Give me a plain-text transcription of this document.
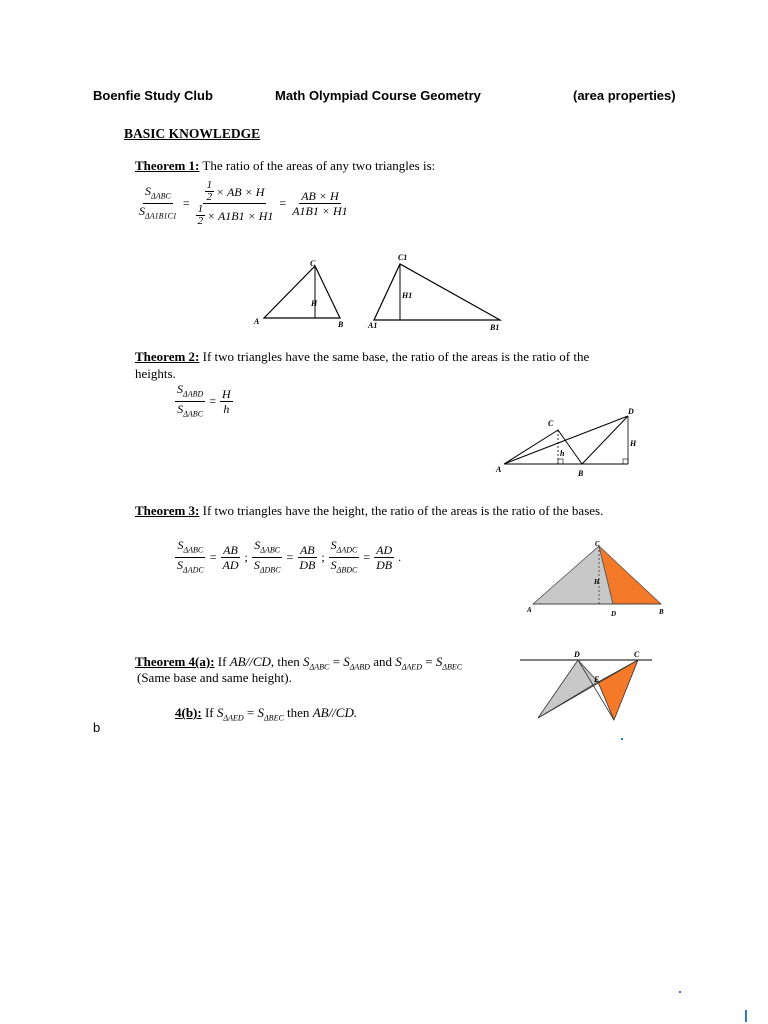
Boenfie Study Club	Math Olympiad Course Geometry	(area properties)
BASIC KNOWLEDGE
Theorem 1: The ratio of the areas of any two triangles is:
$\frac{S_{\Delta ABC}}{S_{\Delta A1B1C1}} = \frac{\frac{1}{2} \times AB \times H}{\frac{1}{2} \times A1B1 \times H1} = \frac{AB \times H}{A1B1 \times H1}$
C
A	B
H
C1
A1	B1
H1
Theorem 2: If two triangles have the same base, the ratio of the areas is the ratio of the heights.
$\frac{S_{\Delta ABD}}{S_{\Delta ABC}} = \frac{H}{h}$
A	B
C
D
H
h
Theorem 3: If two triangles have the height, the ratio of the areas is the ratio of the bases.
$\frac{S_{\Delta ABC}}{S_{\Delta ADC}} = \frac{AB}{AD}$ ; $\frac{S_{\Delta ABC}}{S_{\Delta DBC}} = \frac{AB}{DB}$ ; $\frac{S_{\Delta ADC}}{S_{\Delta BDC}} = \frac{AD}{DB}$ .
C
A	D	B
H
Theorem 4(a): If AB//CD, then $S_{\Delta ABC} = S_{\Delta ABD}$ and $S_{\Delta AED} = S_{\Delta BEC}$
(Same base and same height).
D	C
E
4(b): If $S_{\Delta AED} = S_{\Delta BEC}$ then AB//CD.
b
